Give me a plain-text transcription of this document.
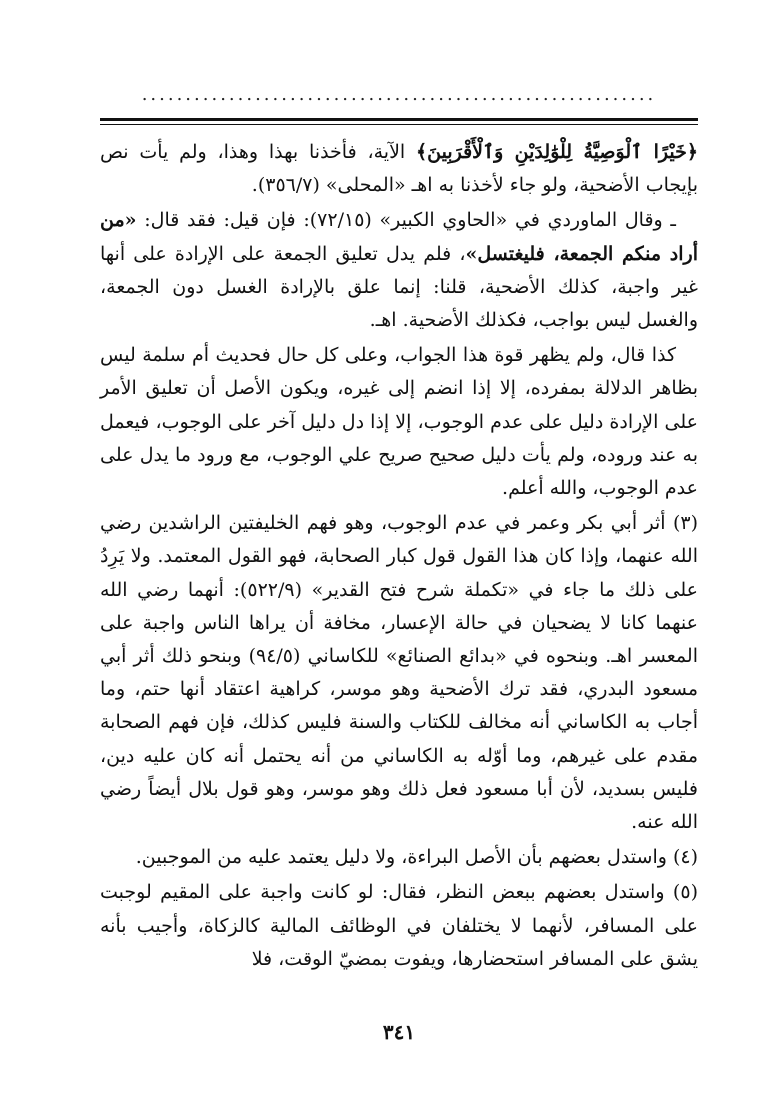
...........................................................

﴿خَيْرًا ٱلْوَصِيَّةُ لِلْوَٰلِدَيْنِ وَٱلْأَقْرَبِينَ﴾ الآية، فأخذنا بهذا وهذا، ولم يأت نص بإيجاب الأضحية، ولو جاء لأخذنا به اهـ «المحلى» (٣٥٦/٧).

ـ وقال الماوردي في «الحاوي الكبير» (٧٢/١٥): فإن قيل: فقد قال: «من أراد منكم الجمعة، فليغتسل»، فلم يدل تعليق الجمعة على الإرادة على أنها غير واجبة، كذلك الأضحية، قلنا: إنما علق بالإرادة الغسل دون الجمعة، والغسل ليس بواجب، فكذلك الأضحية. اهـ.

كذا قال، ولم يظهر قوة هذا الجواب، وعلى كل حال فحديث أم سلمة ليس بظاهر الدلالة بمفرده، إلا إذا انضم إلى غيره، ويكون الأصل أن تعليق الأمر على الإرادة دليل على عدم الوجوب، إلا إذا دل دليل آخر على الوجوب، فيعمل به عند وروده، ولم يأت دليل صحيح صريح علي الوجوب، مع ورود ما يدل على عدم الوجوب، والله أعلم.

(٣) أثر أبي بكر وعمر في عدم الوجوب، وهو فهم الخليفتين الراشدين رضي الله عنهما، وإذا كان هذا القول قول كبار الصحابة، فهو القول المعتمد. ولا يَرِدُ على ذلك ما جاء في «تكملة شرح فتح القدير» (٥٢٢/٩): أنهما رضي الله عنهما كانا لا يضحيان في حالة الإعسار، مخافة أن يراها الناس واجبة على المعسر اهـ. وبنحوه في «بدائع الصنائع» للكاساني (٩٤/٥) وبنحو ذلك أثر أبي مسعود البدري، فقد ترك الأضحية وهو موسر، كراهية اعتقاد أنها حتم، وما أجاب به الكاساني أنه مخالف للكتاب والسنة فليس كذلك، فإن فهم الصحابة مقدم على غيرهم، وما أوّله به الكاساني من أنه يحتمل أنه كان عليه دين، فليس بسديد، لأن أبا مسعود فعل ذلك وهو موسر، وهو قول بلال أيضاً رضي الله عنه.

(٤) واستدل بعضهم بأن الأصل البراءة، ولا دليل يعتمد عليه من الموجبين.

(٥) واستدل بعضهم ببعض النظر، فقال: لو كانت واجبة على المقيم لوجبت على المسافر، لأنهما لا يختلفان في الوظائف المالية كالزكاة، وأجيب بأنه يشق على المسافر استحضارها، ويفوت بمضيّ الوقت، فلا

٣٤١
